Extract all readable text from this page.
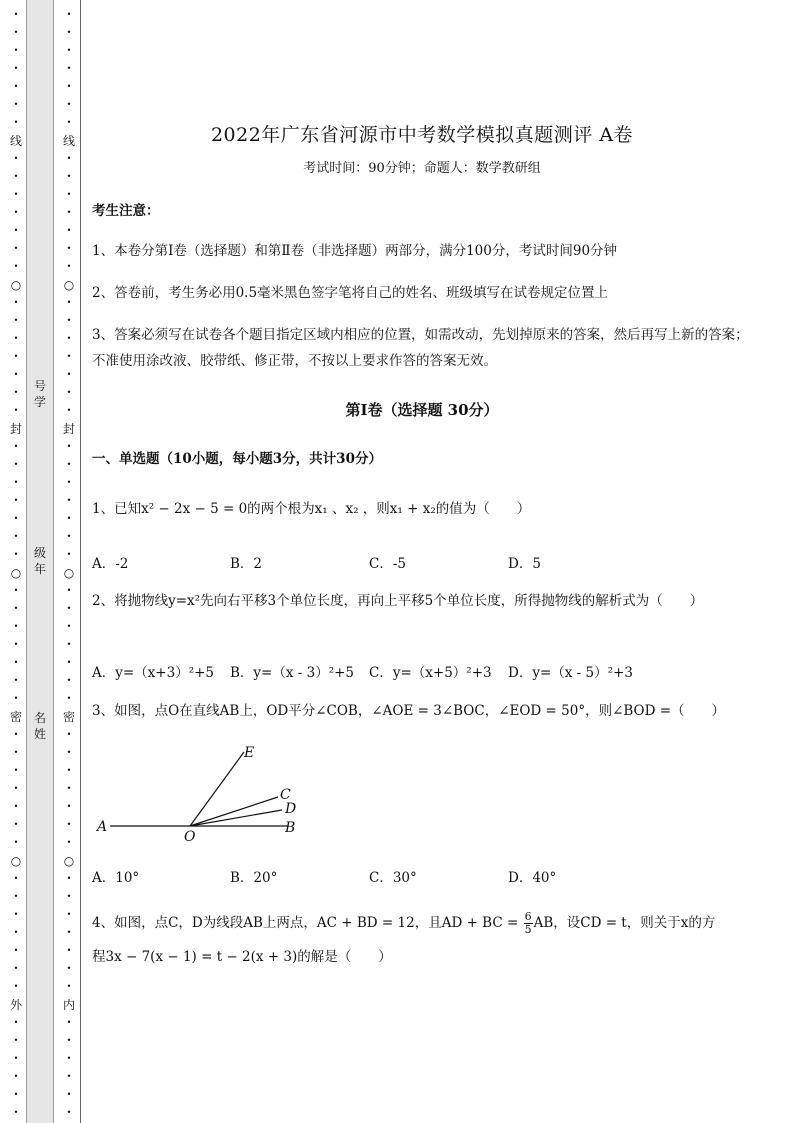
•
•
•
•
•
•
•
线
•
•
•
•
•
•
•
○
•
•
•
•
•
•
•
封
•
•
•
•
•
•
•
○
•
•
•
•
•
•
•
密
•
•
•
•
•
•
•
○
•
•
•
•
•
•
•
外
•
•
•
•
•
•
•
•
•
•
•
•
•
线
•
•
•
•
•
•
•
○
•
•
•
•
•
•
•
封
•
•
•
•
•
•
•
○
•
•
•
•
•
•
•
密
•
•
•
•
•
•
•
○
•
•
•
•
•
•
•
内
•
•
•
•
•
•
号学
级年
名姓
2022年广东省河源市中考数学模拟真题测评 A卷
考试时间：90分钟；命题人：数学教研组
考生注意：
1、本卷分第Ⅰ卷（选择题）和第Ⅱ卷（非选择题）两部分，满分100分，考试时间90分钟
2、答卷前，考生务必用0.5毫米黑色签字笔将自己的姓名、班级填写在试卷规定位置上
3、答案必须写在试卷各个题目指定区域内相应的位置，如需改动，先划掉原来的答案，然后再写上新的答案；不准使用涂改液、胶带纸、修正带，不按以上要求作答的答案无效。
第Ⅰ卷（选择题 30分）
一、单选题（10小题，每小题3分，共计30分）
1、已知x² − 2x − 5 = 0的两个根为x₁ 、x₂ ，则x₁ + x₂的值为（　　）
A．-2	B．2	C．-5	D．5
2、将抛物线y=x²先向右平移3个单位长度，再向上平移5个单位长度，所得抛物线的解析式为（　　）
A．y=（x+3）²+5 B．y=（x - 3）²+5 C．y=（x+5）²+3 D．y=（x - 5）²+3
3、如图，点O在直线AB上，OD平分∠COB，∠AOE = 3∠BOC，∠EOD = 50°，则∠BOD =（　　）
E
C
D
A
O
B
A．10°	B．20°	C．30°	D．40°
4、如图，点C，D为线段AB上两点，AC + BD = 12，且AD + BC = $\frac{6}{5}$ AB，设CD = t，则关于x的方
程3x − 7(x − 1) = t − 2(x + 3)的解是（　　）
